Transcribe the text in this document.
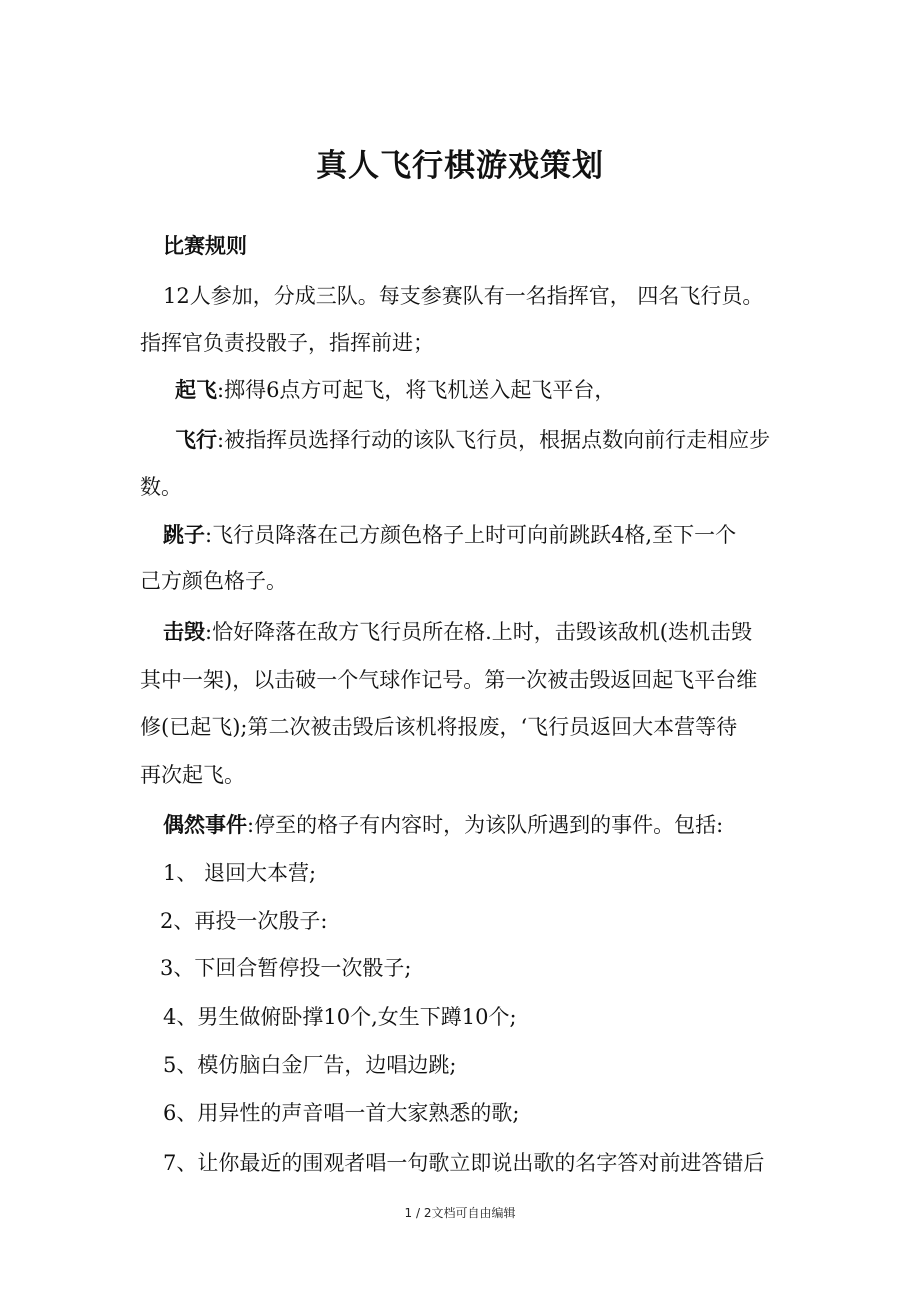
真人飞行棋游戏策划
比赛规则
12人参加，分成三队。每支参赛队有一名指挥官， 四名飞行员。
指挥官负责投骰子，指挥前进；
起飞:掷得6点方可起飞，将飞机送入起飞平台，
飞行:被指挥员选择行动的该队飞行员，根据点数向前行走相应步
数。
跳子:飞行员降落在己方颜色格子上时可向前跳跃4格,至下一个
己方颜色格子。
击毁:恰好降落在敌方飞行员所在格.上时，击毁该敌机(迭机击毁
其中一架)，以击破一个气球作记号。第一次被击毁返回起飞平台维
修(已起飞);第二次被击毁后该机将报废，‘飞行员返回大本营等待
再次起飞。
偶然事件:停至的格子有内容时，为该队所遇到的事件。包括:
1、 退回大本营;
2、再投一次殷子:
3、下回合暂停投一次骰子;
4、男生做俯卧撑10个,女生下蹲10个;
5、模仿脑白金厂告，边唱边跳;
6、用异性的声音唱一首大家熟悉的歌;
7、让你最近的围观者唱一句歌立即说出歌的名字答对前进答错后
1 / 2文档可自由编辑
